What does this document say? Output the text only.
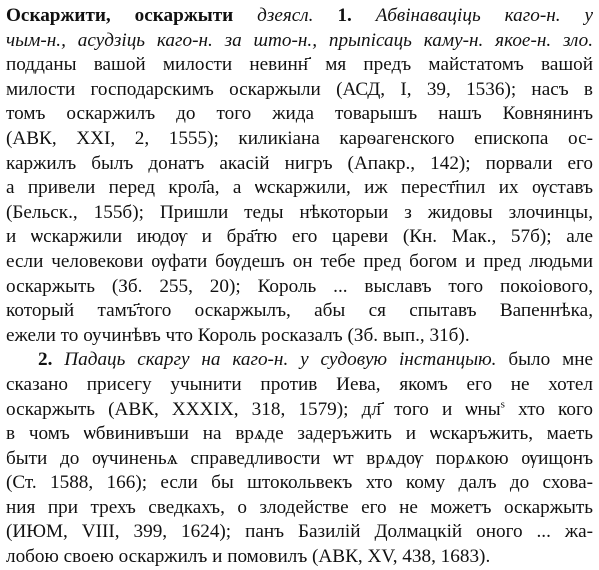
Оскаржити, оскаржыти дзеясл. 1. Абвінаваціць каго-н. у
чым-н., асудзіць каго-н. за што-н., прыпісаць каму-н. якое-н. зло.
подданы вашой милости невинн҃ мя предъ майстатомъ вашой
милости господарскимъ оскаржыли (АСД, I, 39, 1536); насъ в
томъ оскаржилъ до того жида товарышъ нашъ Ковнянинъ
(АВК, XXI, 2, 1555); киликіана карѳагенского епископа ос-
каржилъ былъ донатъ акасій нигръ (Апакр., 142); порвали его
а привели перед крол҃а, а ѡскаржили, иж перест҃пил их ѹставъ
(Бельск., 155б); Пришли теды нѣкоторыи з жидовы злочинцы,
и ѡскаржили июдѹ и бра҃тю его цареви (Кн. Мак., 57б); але
если человекови ѹфати бѹдешъ он тебе пред богом и пред людьми
оскаржыть (Зб. 255, 20); Король ... выславъ того покоіового,
который тамъ҃того оскаржылъ, абы ся спытавъ Вапеннѣка,
ежели то оучинѣвъ что Король росказалъ (Зб. вып., 31б).
2. Падаць скаргу на каго-н. у судовую інстанцыю. было мне
сказано присегу учынити против Иева, якомъ его не хотел
оскаржыть (АВК, XXXIX, 318, 1579); дл҃ того и ѡны$^s$ хто кого
в чомъ ѡбвинивъши на врѧде задеръжить и ѡскаръжить, маеть
быти до ѹчиненьѧ справедливости ѡт врѧдѹ порѧкою ѹищонъ
(Ст. 1588, 166); если бы штокольвекъ хто кому далъ до схова-
ния при трехъ сведкахъ, о злодействе его не можетъ оскаржыть
(ИЮМ, VIII, 399, 1624); панъ Базилій Долмацкій оного ... жа-
лобою своею оскаржилъ и помовилъ (АВК, XV, 438, 1683).
